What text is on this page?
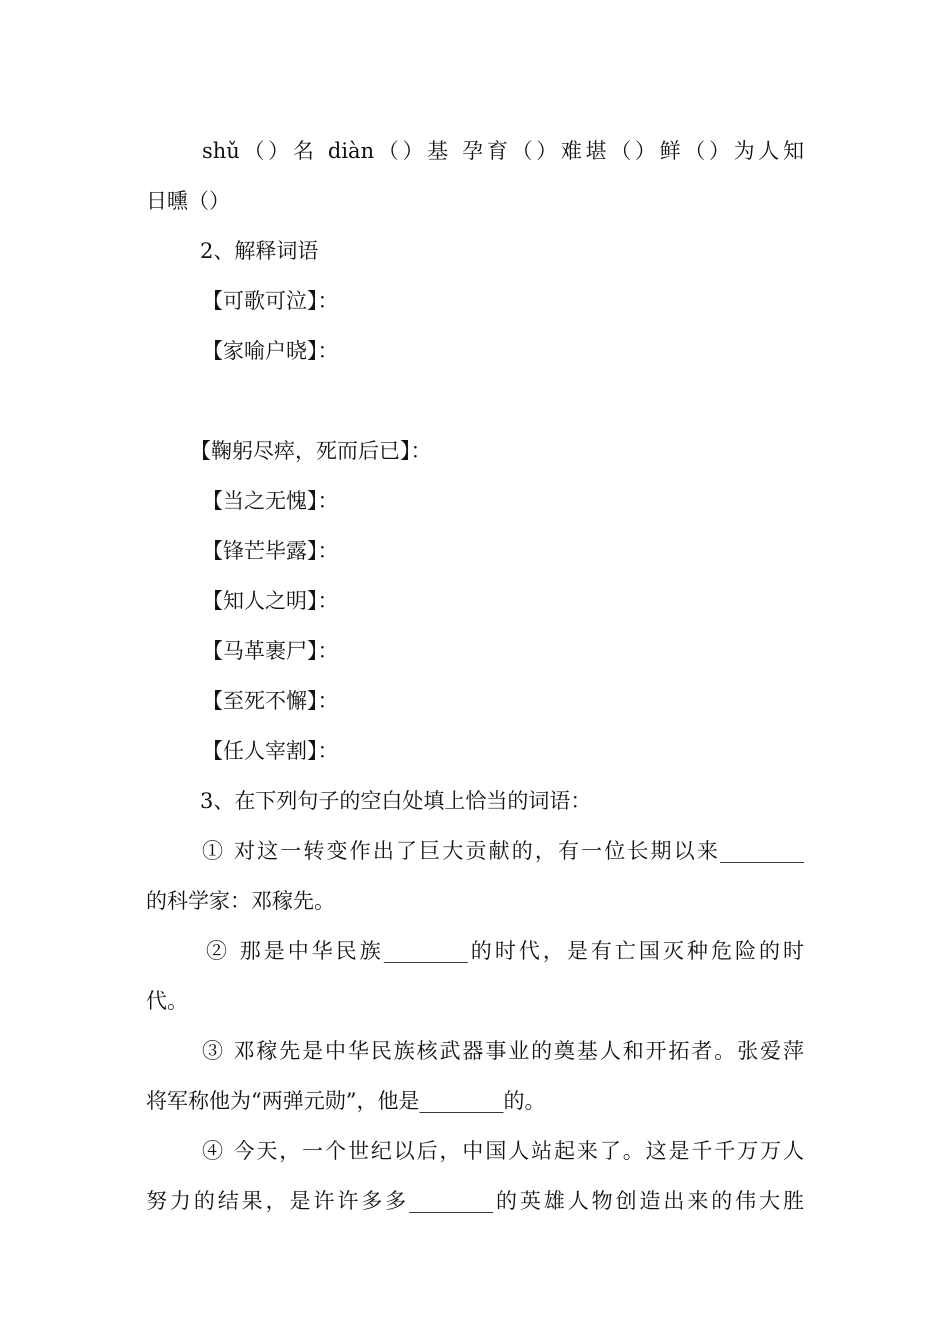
shǔ（）名 diàn（）基 孕育（）难堪（）鲜（）为人知
日曛（）
2、解释词语
【可歌可泣】：
【家喻户晓】：
【鞠躬尽瘁，死而后已】：
【当之无愧】：
【锋芒毕露】：
【知人之明】：
【马革裹尸】：
【至死不懈】：
【任人宰割】：
3、在下列句子的空白处填上恰当的词语：
① 对这一转变作出了巨大贡献的，有一位长期以来________
的科学家：邓稼先。
② 那是中华民族________的时代，是有亡国灭种危险的时
代。
③ 邓稼先是中华民族核武器事业的奠基人和开拓者。张爱萍
将军称他为“两弹元勋”，他是________的。
④ 今天，一个世纪以后，中国人站起来了。这是千千万万人
努力的结果，是许许多多________的英雄人物创造出来的伟大胜
